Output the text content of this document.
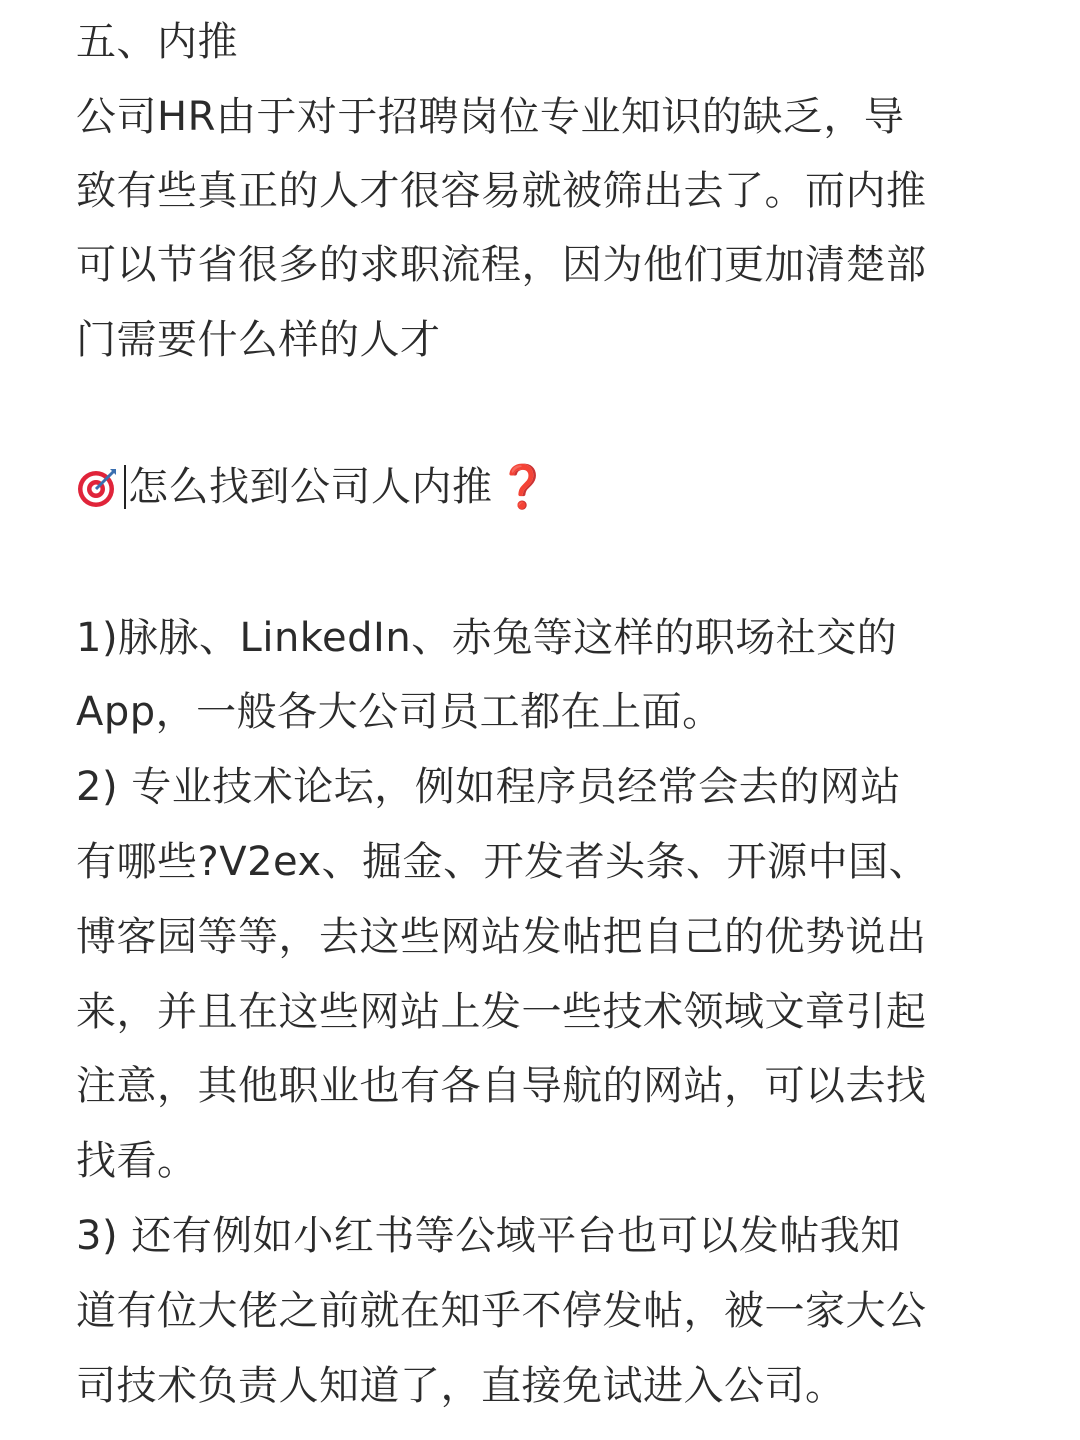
五、内推
公司HR由于对于招聘岗位专业知识的缺乏，导
致有些真正的人才很容易就被筛出去了。而内推
可以节省很多的求职流程，因为他们更加清楚部
门需要什么样的人才
怎么找到公司人内推 ❓
1)脉脉、LinkedIn、赤兔等这样的职场社交的
App，一般各大公司员工都在上面。
2) 专业技术论坛，例如程序员经常会去的网站
有哪些?V2ex、掘金、开发者头条、开源中国、
博客园等等，去这些网站发帖把自己的优势说出
来，并且在这些网站上发一些技术领域文章引起
注意，其他职业也有各自导航的网站，可以去找
找看。
3) 还有例如小红书等公域平台也可以发帖我知
道有位大佬之前就在知乎不停发帖，被一家大公
司技术负责人知道了，直接免试进入公司。
